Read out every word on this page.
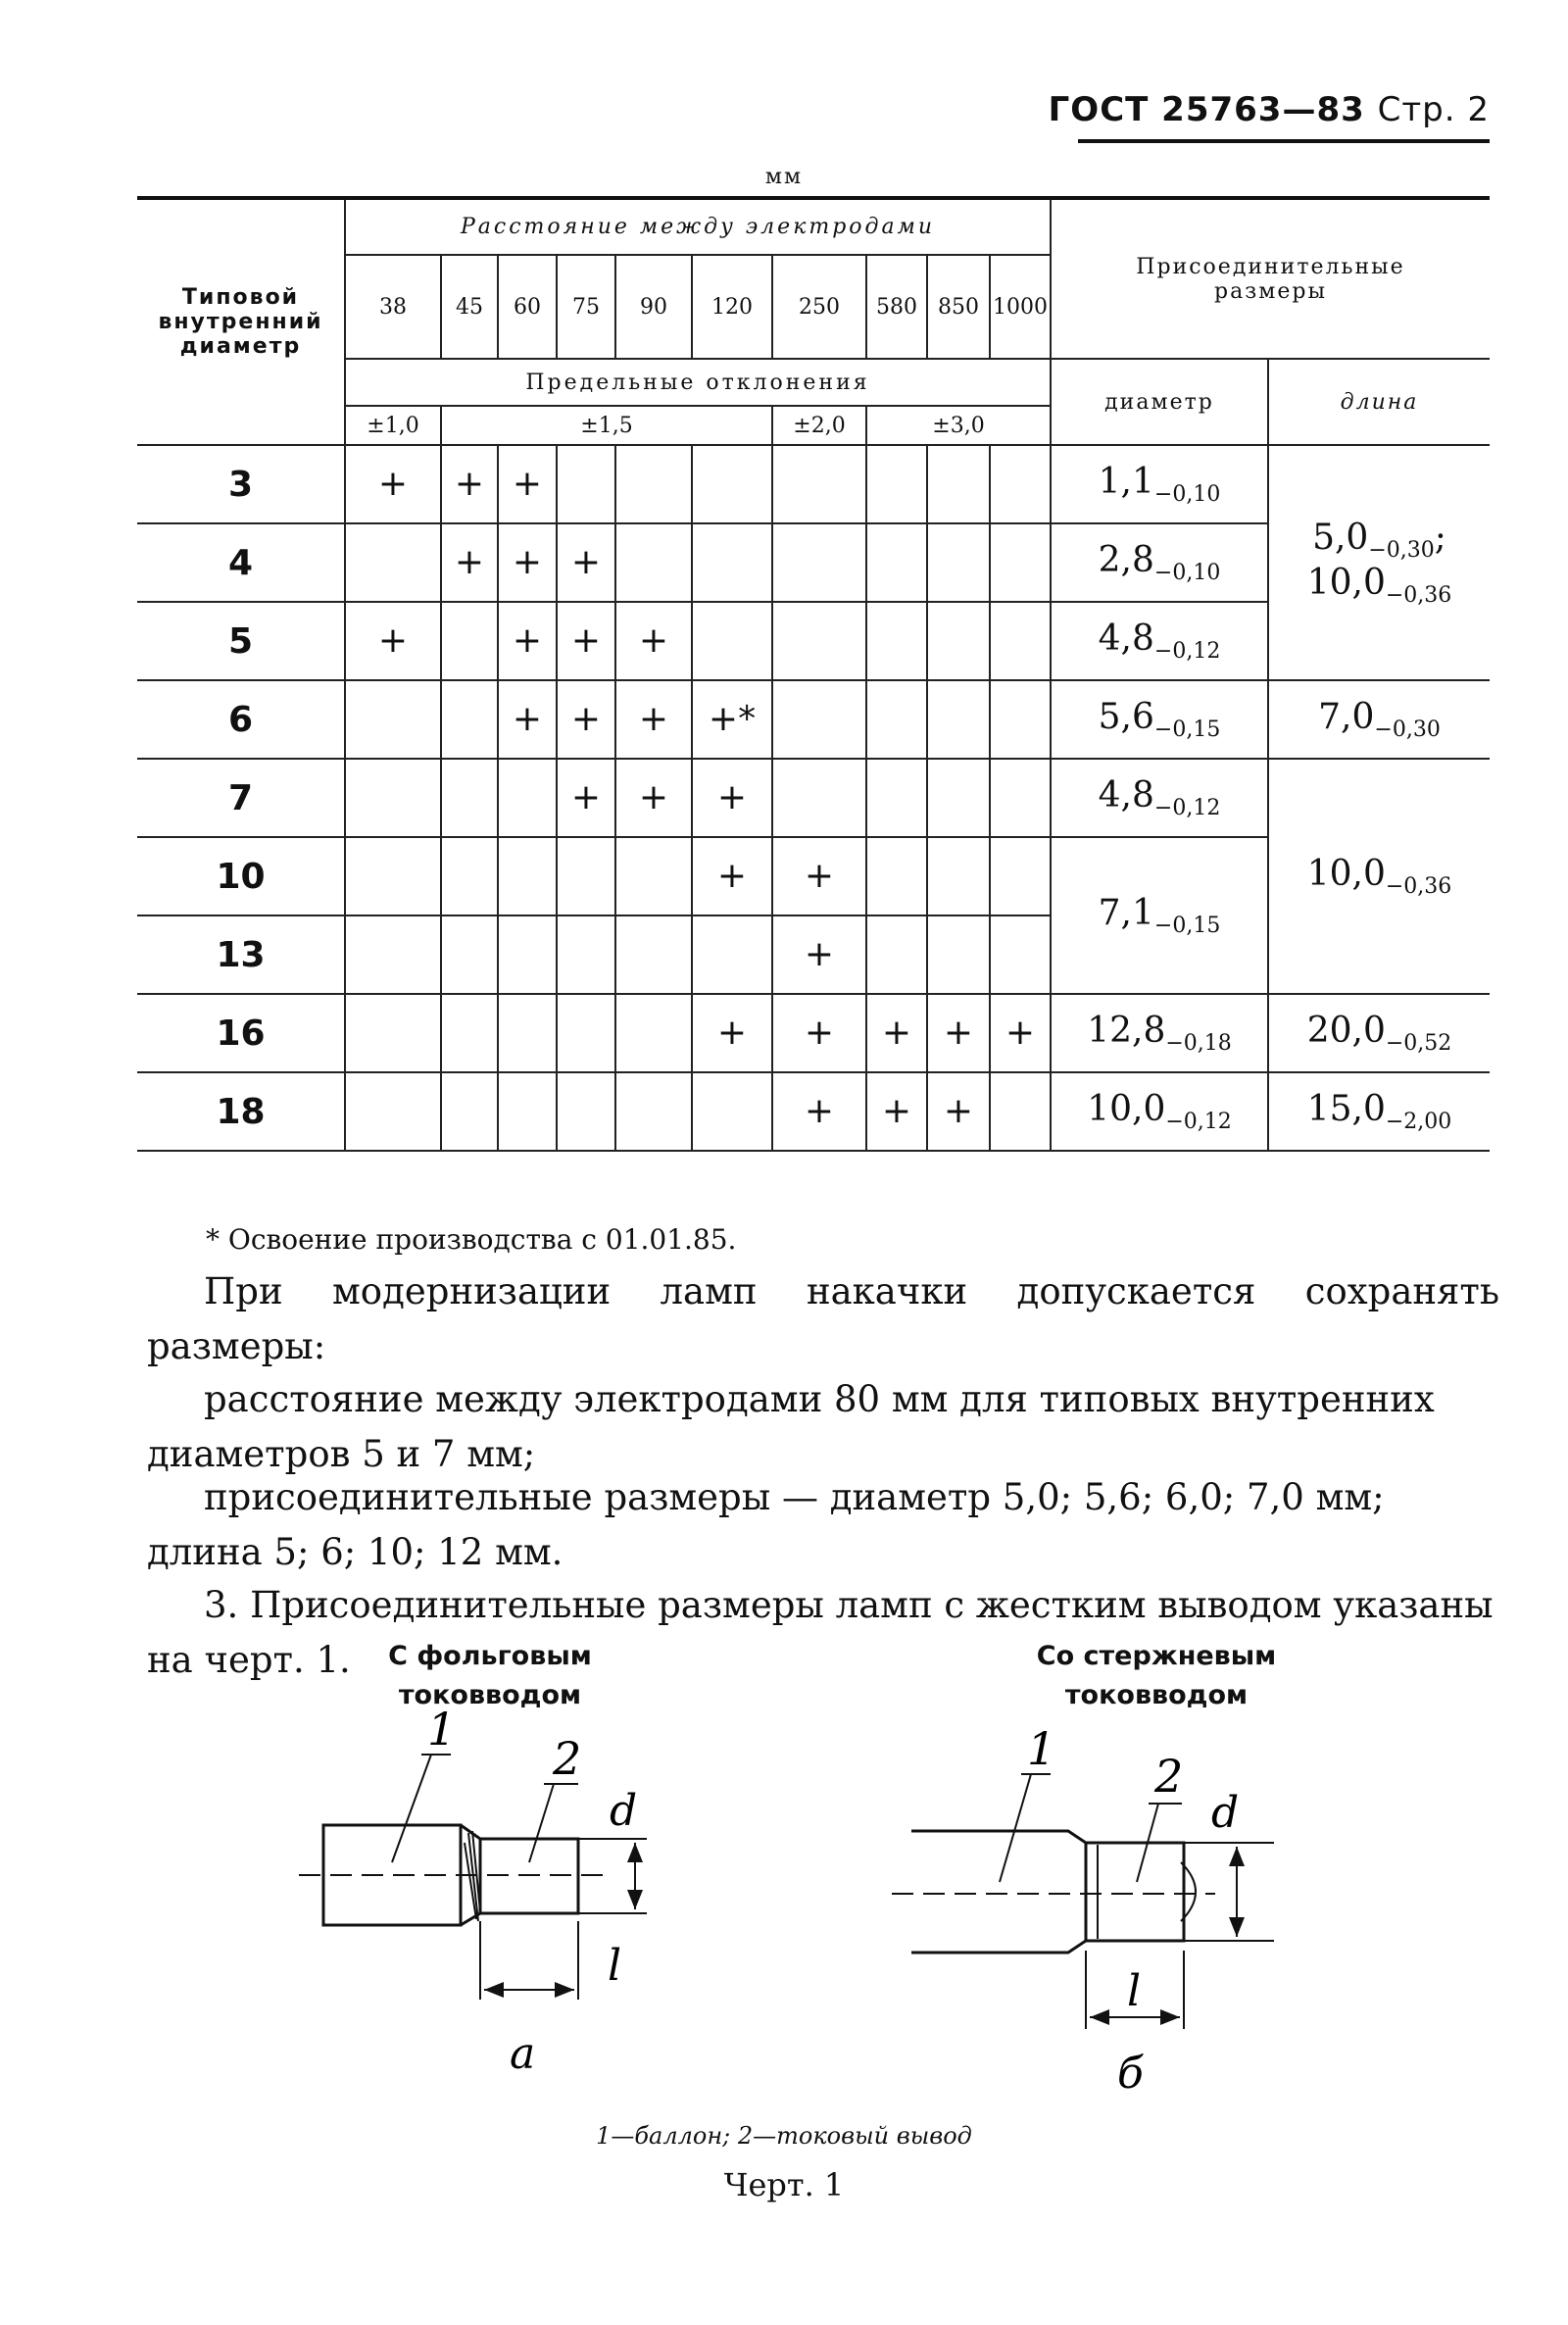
ГОСТ 25763—83 Стр. 2
мм
Типовой внутренний диаметр	Расстояние между электродами										Присоединительные размеры	
	38	45	60	75	90	120	250	580	850	1000		
	Предельные отклонения										диаметр	длина
	±1,0	±1,5					±2,0	±3,0				
3	+	+	+								$1,1_{-0,10}$	$5,0_{-0,30}$;
$10,0_{-0,36}$

4		+	+	+							$2,8_{-0,10}$
5	+		+	+	+						$4,8_{-0,12}$
6			+	+	+	+*					$5,6_{-0,15}$	$7,0_{-0,30}$

7				+	+	+					$4,8_{-0,12}$	$10,0_{-0,36}$

10						+	+				$7,1_{-0,15}$
13							+					
16						+	+	+	+	+	$12,8_{-0,18}$	$20,0_{-0,52}$

18							+	+	+		$10,0_{-0,12}$	$15,0_{-2,00}$
* Освоение производства с 01.01.85.
При модернизации ламп накачки допускается сохранять размеры:
расстояние между электродами 80 мм для типовых внутренних диаметров 5 и 7 мм;
присоединительные размеры — диаметр 5,0; 5,6; 6,0; 7,0 мм; длина 5; 6; 10; 12 мм.
3. Присоединительные размеры ламп с жестким выводом указаны на черт. 1.	С фольговым токовводом
Со стержневым токовводом
1
2
d
l
а
1
2
d
l
б
1—баллон; 2—токовый вывод
Черт. 1
